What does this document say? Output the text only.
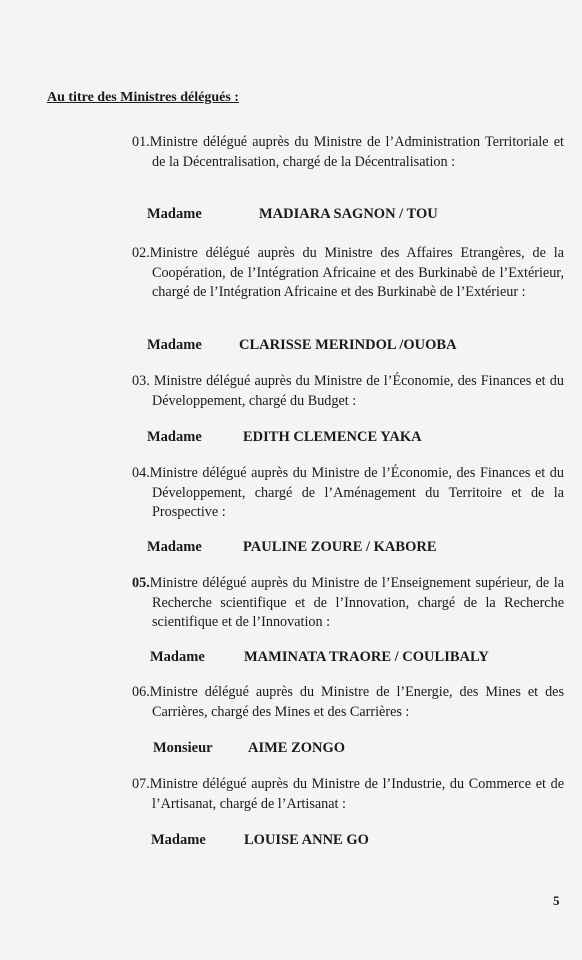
Au titre des Ministres délégués :
01.Ministre délégué auprès du Ministre de l’Administration Territoriale et de la Décentralisation, chargé de la Décentralisation :
Madame	MADIARA SAGNON / TOU
02.Ministre délégué auprès du Ministre des Affaires Etrangères, de la Coopération, de l’Intégration Africaine et des Burkinabè de l’Extérieur, chargé de l’Intégration Africaine et des Burkinabè de l’Extérieur :
Madame	CLARISSE MERINDOL /OUOBA
03. Ministre délégué auprès du Ministre de l’Économie, des Finances et du Développement, chargé du Budget :
Madame	EDITH CLEMENCE YAKA
04.Ministre délégué auprès du Ministre de l’Économie, des Finances et du Développement, chargé de l’Aménagement du Territoire et de la Prospective :
Madame	PAULINE ZOURE / KABORE
05.Ministre délégué auprès du Ministre de l’Enseignement supérieur, de la Recherche scientifique et de l’Innovation, chargé de la Recherche scientifique et de l’Innovation :
Madame	MAMINATA TRAORE / COULIBALY
06.Ministre délégué auprès du Ministre de l’Energie, des Mines et des Carrières, chargé des Mines et des Carrières :
Monsieur AIME ZONGO
07.Ministre délégué auprès du Ministre de l’Industrie, du Commerce et de l’Artisanat, chargé de l’Artisanat :
Madame	LOUISE ANNE GO
5
